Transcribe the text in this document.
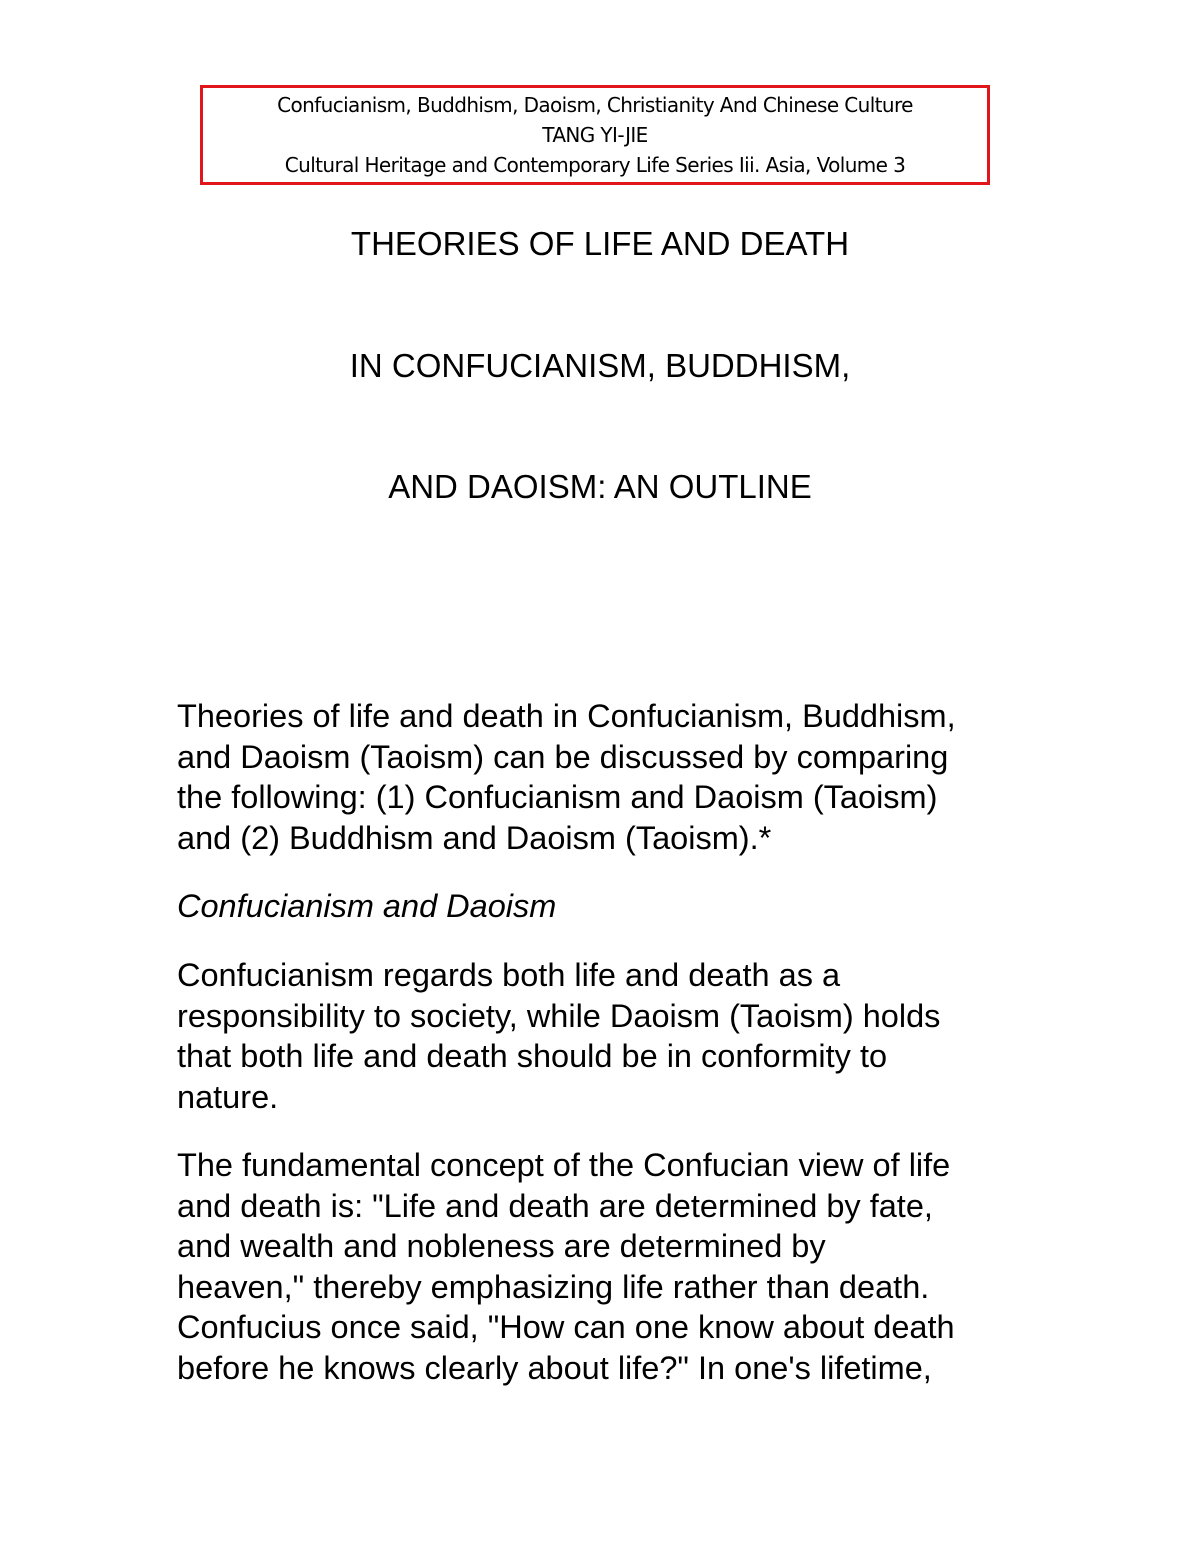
Confucianism, Buddhism, Daoism, Christianity And Chinese Culture
TANG YI-JIE
Cultural Heritage and Contemporary Life Series Iii. Asia, Volume 3
THEORIES OF LIFE AND DEATH
IN CONFUCIANISM, BUDDHISM,
AND DAOISM: AN OUTLINE
Theories of life and death in Confucianism, Buddhism,
and Daoism (Taoism) can be discussed by comparing
the following: (1) Confucianism and Daoism (Taoism)
and (2) Buddhism and Daoism (Taoism).*
Confucianism and Daoism
Confucianism regards both life and death as a
responsibility to society, while Daoism (Taoism) holds
that both life and death should be in conformity to
nature.
The fundamental concept of the Confucian view of life
and death is: "Life and death are determined by fate,
and wealth and nobleness are determined by
heaven," thereby emphasizing life rather than death.
Confucius once said, "How can one know about death
before he knows clearly about life?" In one's lifetime,
